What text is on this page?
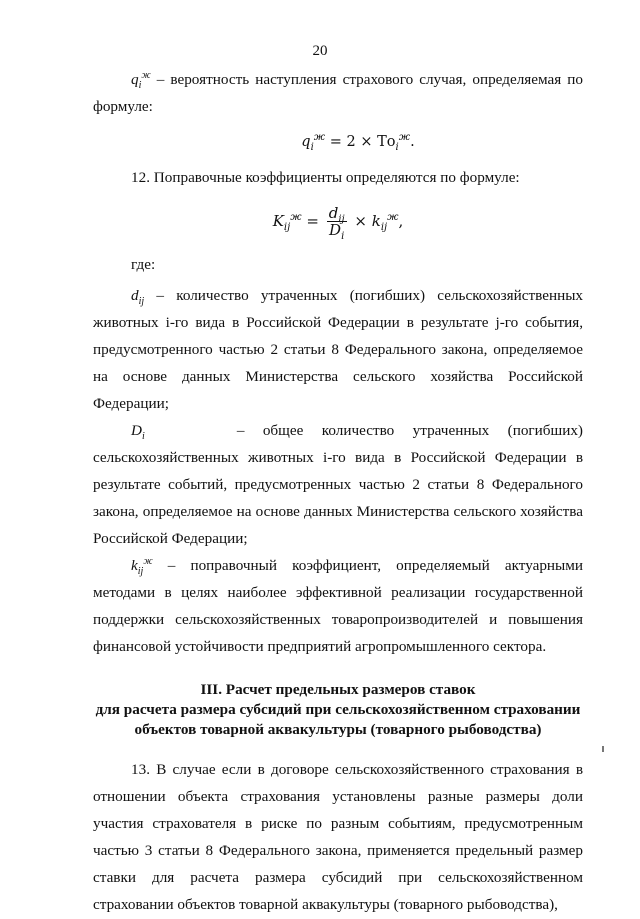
20

$q_i^ж$ – вероятность наступления страхового случая, определяемая по формуле:

$q_i^ж = 2 \times То_i^ж$.

12. Поправочные коэффициенты определяются по формуле:

$K_{ij}^ж = \frac{d_{ij}}{D_i} \times k_{ij}^ж$ ,

где:

$d_{ij}$ – количество утраченных (погибших) сельскохозяйственных животных i-го вида в Российской Федерации в результате j-го события, предусмотренного частью 2 статьи 8 Федерального закона, определяемое на основе данных Министерства сельского хозяйства Российской Федерации;

$D_i$	– общее количество утраченных (погибших) сельскохозяйственных животных i-го вида в Российской Федерации в результате событий, предусмотренных частью 2 статьи 8 Федерального закона, определяемое на основе данных Министерства сельского хозяйства Российской Федерации;

$k_{ij}^ж$ – поправочный коэффициент, определяемый актуарными методами в целях наиболее эффективной реализации государственной поддержки сельскохозяйственных товаропроизводителей и повышения финансовой устойчивости предприятий агропромышленного сектора.

III. Расчет предельных размеров ставок
для расчета размера субсидий при сельскохозяйственном страховании
объектов товарной аквакультуры (товарного рыбоводства)

13. В случае если в договоре сельскохозяйственного страхования в отношении объекта страхования установлены разные размеры доли участия страхователя в риске по разным событиям, предусмотренным частью 3 статьи 8 Федерального закона, применяется предельный размер ставки для расчета размера субсидий при сельскохозяйственном страховании объектов товарной аквакультуры (товарного рыбоводства),
